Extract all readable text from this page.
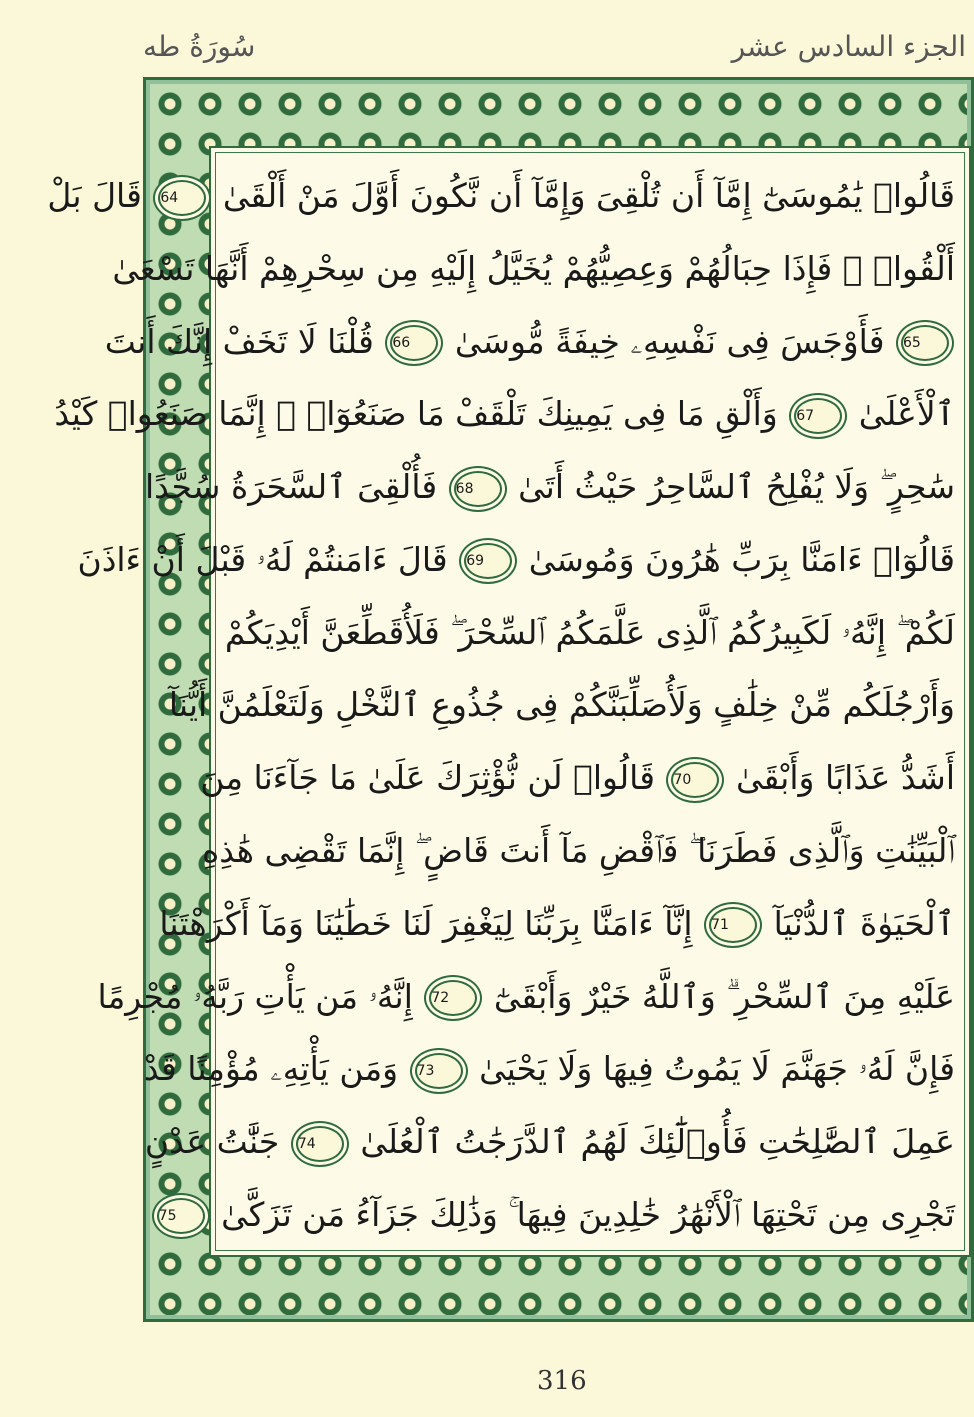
سُورَةُ طه	الجزء السادس عشر
قَالُوا۟ يَٰمُوسَىٰٓ إِمَّآ أَن تُلْقِىَ وَإِمَّآ أَن نَّكُونَ أَوَّلَ مَنْ أَلْقَىٰ 64 قَالَ بَلْ
أَلْقُوا۟ ۖ فَإِذَا حِبَالُهُمْ وَعِصِيُّهُمْ يُخَيَّلُ إِلَيْهِ مِن سِحْرِهِمْ أَنَّهَا تَسْعَىٰ
65 فَأَوْجَسَ فِى نَفْسِهِۦ خِيفَةً مُّوسَىٰ 66 قُلْنَا لَا تَخَفْ إِنَّكَ أَنتَ
ٱلْأَعْلَىٰ 67 وَأَلْقِ مَا فِى يَمِينِكَ تَلْقَفْ مَا صَنَعُوٓا۟ ۖ إِنَّمَا صَنَعُوا۟ كَيْدُ
سَٰحِرٍ ۖ وَلَا يُفْلِحُ ٱلسَّاحِرُ حَيْثُ أَتَىٰ 68 فَأُلْقِىَ ٱلسَّحَرَةُ سُجَّدًا
قَالُوٓا۟ ءَامَنَّا بِرَبِّ هَٰرُونَ وَمُوسَىٰ 69 قَالَ ءَامَنتُمْ لَهُۥ قَبْلَ أَنْ ءَاذَنَ
لَكُمْ ۖ إِنَّهُۥ لَكَبِيرُكُمُ ٱلَّذِى عَلَّمَكُمُ ٱلسِّحْرَ ۖ فَلَأُقَطِّعَنَّ أَيْدِيَكُمْ
وَأَرْجُلَكُم مِّنْ خِلَٰفٍ وَلَأُصَلِّبَنَّكُمْ فِى جُذُوعِ ٱلنَّخْلِ وَلَتَعْلَمُنَّ أَيُّنَآ
أَشَدُّ عَذَابًا وَأَبْقَىٰ 70 قَالُوا۟ لَن نُّؤْثِرَكَ عَلَىٰ مَا جَآءَنَا مِنَ
ٱلْبَيِّنَٰتِ وَٱلَّذِى فَطَرَنَا ۖ فَٱقْضِ مَآ أَنتَ قَاضٍ ۖ إِنَّمَا تَقْضِى هَٰذِهِ
ٱلْحَيَوٰةَ ٱلدُّنْيَآ 71 إِنَّآ ءَامَنَّا بِرَبِّنَا لِيَغْفِرَ لَنَا خَطَٰيَٰنَا وَمَآ أَكْرَهْتَنَا
عَلَيْهِ مِنَ ٱلسِّحْرِ ۗ وَٱللَّهُ خَيْرٌ وَأَبْقَىٰٓ 72 إِنَّهُۥ مَن يَأْتِ رَبَّهُۥ مُجْرِمًا
فَإِنَّ لَهُۥ جَهَنَّمَ لَا يَمُوتُ فِيهَا وَلَا يَحْيَىٰ 73 وَمَن يَأْتِهِۦ مُؤْمِنًا قَدْ
عَمِلَ ٱلصَّٰلِحَٰتِ فَأُو۟لَٰٓئِكَ لَهُمُ ٱلدَّرَجَٰتُ ٱلْعُلَىٰ 74 جَنَّٰتُ عَدْنٍ
تَجْرِى مِن تَحْتِهَا ٱلْأَنْهَٰرُ خَٰلِدِينَ فِيهَا ۚ وَذَٰلِكَ جَزَآءُ مَن تَزَكَّىٰ 75
316
